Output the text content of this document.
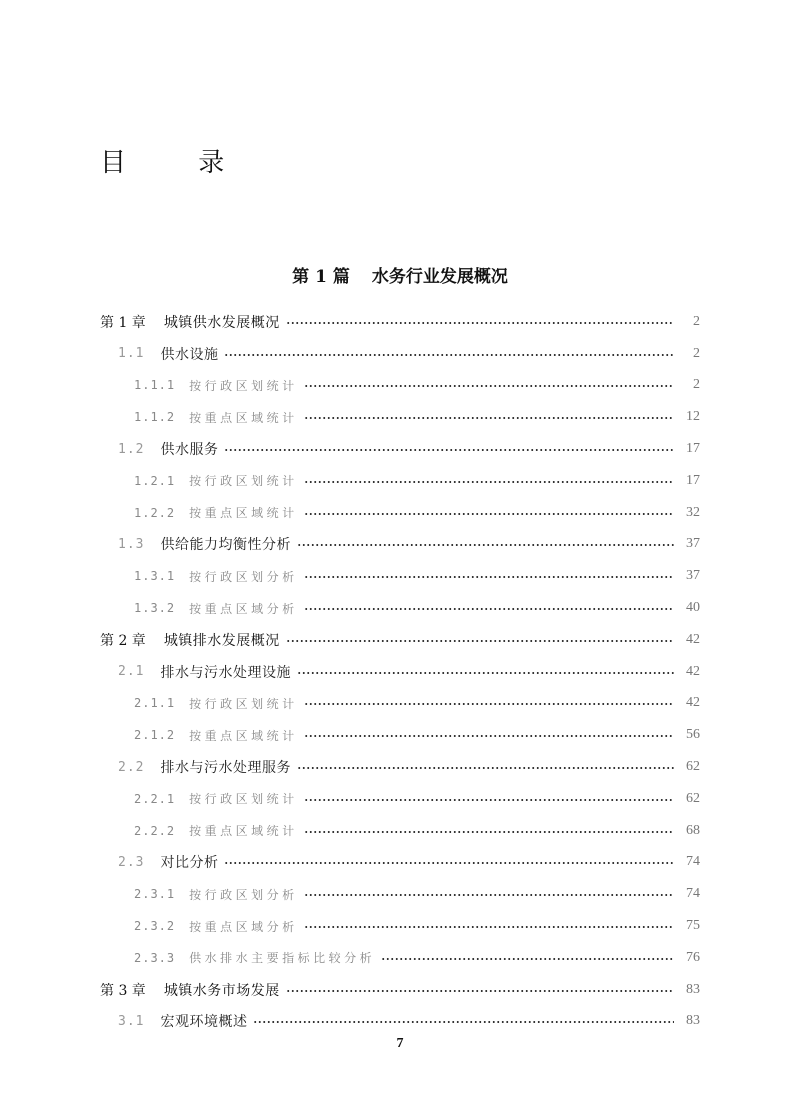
目 录
第 1 篇 水务行业发展概况
第 1 章 城镇供水发展概况	2
1.1 供水设施	2
1.1.1 按行政区划统计	2
1.1.2 按重点区域统计	12
1.2 供水服务	17
1.2.1 按行政区划统计	17
1.2.2 按重点区域统计	32
1.3 供给能力均衡性分析	37
1.3.1 按行政区划分析	37
1.3.2 按重点区域分析	40
第 2 章 城镇排水发展概况	42
2.1 排水与污水处理设施	42
2.1.1 按行政区划统计	42
2.1.2 按重点区域统计	56
2.2 排水与污水处理服务	62
2.2.1 按行政区划统计	62
2.2.2 按重点区域统计	68
2.3 对比分析	74
2.3.1 按行政区划分析	74
2.3.2 按重点区域分析	75
2.3.3 供水排水主要指标比较分析	76
第 3 章 城镇水务市场发展	83
3.1 宏观环境概述	83
7
